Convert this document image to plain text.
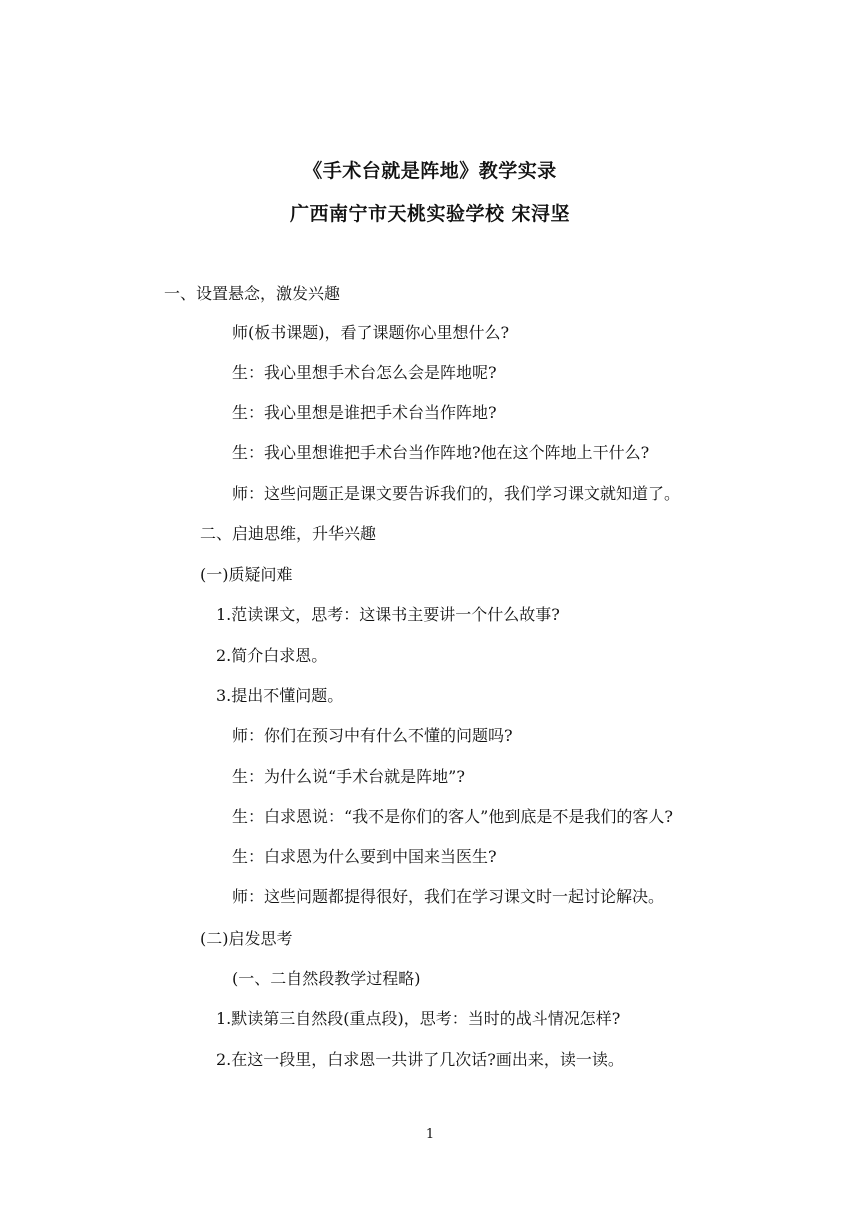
《手术台就是阵地》教学实录
广西南宁市天桃实验学校 宋浔坚
一、设置悬念，激发兴趣
师(板书课题)，看了课题你心里想什么?
生：我心里想手术台怎么会是阵地呢?
生：我心里想是谁把手术台当作阵地?
生：我心里想谁把手术台当作阵地?他在这个阵地上干什么?
师：这些问题正是课文要告诉我们的，我们学习课文就知道了。
二、启迪思维，升华兴趣
(一)质疑问难
1.范读课文，思考：这课书主要讲一个什么故事?
2.简介白求恩。
3.提出不懂问题。
师：你们在预习中有什么不懂的问题吗?
生：为什么说“手术台就是阵地”?
生：白求恩说：“我不是你们的客人”他到底是不是我们的客人?
生：白求恩为什么要到中国来当医生?
师：这些问题都提得很好，我们在学习课文时一起讨论解决。
(二)启发思考
(一、二自然段教学过程略)
1.默读第三自然段(重点段)，思考：当时的战斗情况怎样?
2.在这一段里，白求恩一共讲了几次话?画出来，读一读。
1
